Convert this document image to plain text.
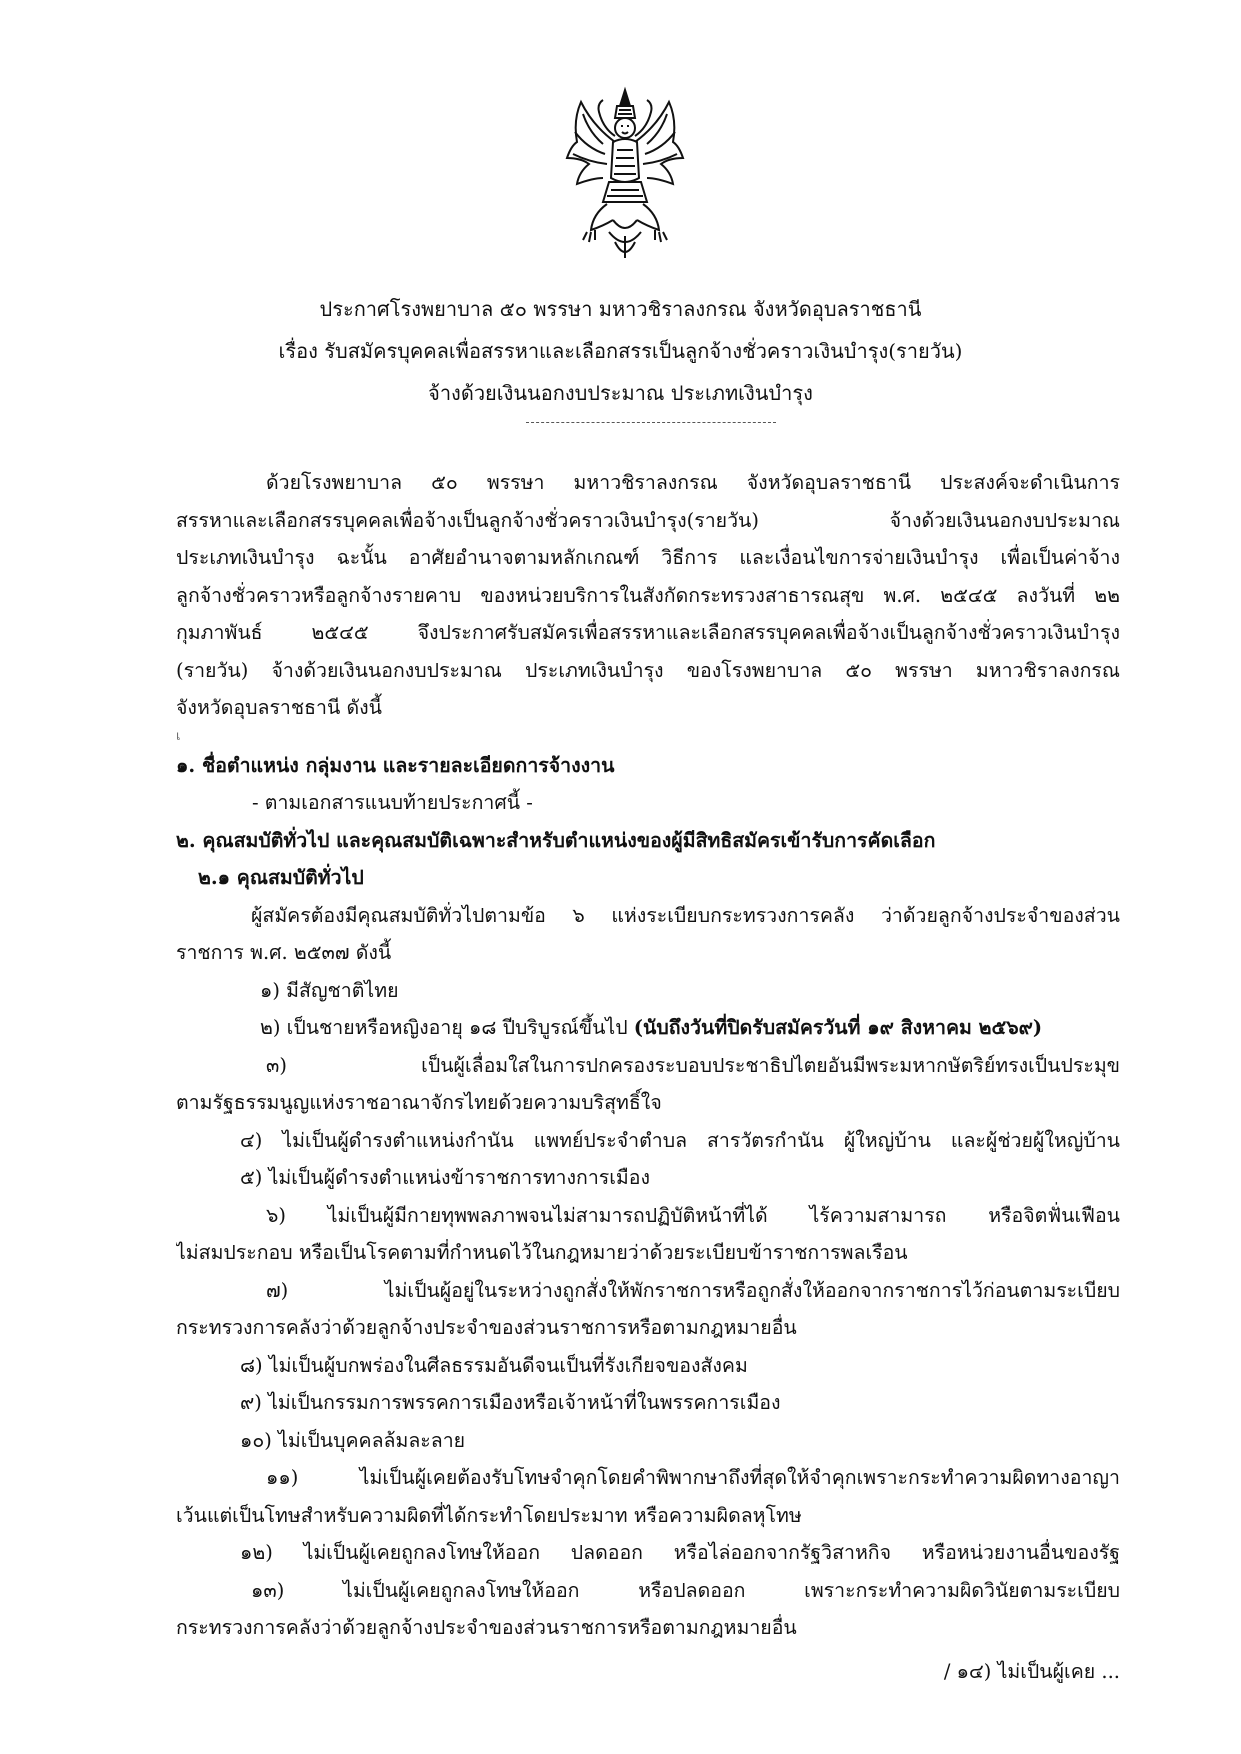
ประกาศโรงพยาบาล ๕๐ พรรษา มหาวชิราลงกรณ จังหวัดอุบลราชธานี
เรื่อง รับสมัครบุคคลเพื่อสรรหาและเลือกสรรเป็นลูกจ้างชั่วคราวเงินบำรุง(รายวัน)
จ้างด้วยเงินนอกงบประมาณ ประเภทเงินบำรุง

ด้วยโรงพยาบาล ๕๐ พรรษา มหาวชิราลงกรณ จังหวัดอุบลราชธานี ประสงค์จะดำเนินการ

สรรหาและเลือกสรรบุคคลเพื่อจ้างเป็นลูกจ้างชั่วคราวเงินบำรุง(รายวัน) จ้างด้วยเงินนอกงบประมาณ

ประเภทเงินบำรุง ฉะนั้น อาศัยอำนาจตามหลักเกณฑ์ วิธีการ และเงื่อนไขการจ่ายเงินบำรุง เพื่อเป็นค่าจ้าง

ลูกจ้างชั่วคราวหรือลูกจ้างรายคาบ ของหน่วยบริการในสังกัดกระทรวงสาธารณสุข พ.ศ. ๒๕๔๕ ลงวันที่ ๒๒

กุมภาพันธ์ ๒๕๔๕ จึงประกาศรับสมัครเพื่อสรรหาและเลือกสรรบุคคลเพื่อจ้างเป็นลูกจ้างชั่วคราวเงินบำรุง

(รายวัน) จ้างด้วยเงินนอกงบประมาณ ประเภทเงินบำรุง ของโรงพยาบาล ๕๐ พรรษา มหาวชิราลงกรณ

จังหวัดอุบลราชธานี ดังนี้

เ

๑. ชื่อตำแหน่ง กลุ่มงาน และรายละเอียดการจ้างงาน

- ตามเอกสารแนบท้ายประกาศนี้ -

๒. คุณสมบัติทั่วไป และคุณสมบัติเฉพาะสำหรับตำแหน่งของผู้มีสิทธิสมัครเข้ารับการคัดเลือก

๒.๑ คุณสมบัติทั่วไป

ผู้สมัครต้องมีคุณสมบัติทั่วไปตามข้อ ๖ แห่งระเบียบกระทรวงการคลัง ว่าด้วยลูกจ้างประจำของส่วน

ราชการ พ.ศ. ๒๕๓๗ ดังนี้

๑) มีสัญชาติไทย

๒) เป็นชายหรือหญิงอายุ ๑๘ ปีบริบูรณ์ขึ้นไป (นับถึงวันที่ปิดรับสมัครวันที่ ๑๙ สิงหาคม ๒๕๖๙)

๓) เป็นผู้เลื่อมใสในการปกครองระบอบประชาธิปไตยอันมีพระมหากษัตริย์ทรงเป็นประมุข

ตามรัฐธรรมนูญแห่งราชอาณาจักรไทยด้วยความบริสุทธิ์ใจ

๔) ไม่เป็นผู้ดำรงตำแหน่งกำนัน แพทย์ประจำตำบล สารวัตรกำนัน ผู้ใหญ่บ้าน และผู้ช่วยผู้ใหญ่บ้าน

๕) ไม่เป็นผู้ดำรงตำแหน่งข้าราชการทางการเมือง

๖) ไม่เป็นผู้มีกายทุพพลภาพจนไม่สามารถปฏิบัติหน้าที่ได้ ไร้ความสามารถ หรือจิตฟั่นเฟือน

ไม่สมประกอบ หรือเป็นโรคตามที่กำหนดไว้ในกฎหมายว่าด้วยระเบียบข้าราชการพลเรือน

๗) ไม่เป็นผู้อยู่ในระหว่างถูกสั่งให้พักราชการหรือถูกสั่งให้ออกจากราชการไว้ก่อนตามระเบียบ

กระทรวงการคลังว่าด้วยลูกจ้างประจำของส่วนราชการหรือตามกฎหมายอื่น

๘) ไม่เป็นผู้บกพร่องในศีลธรรมอันดีจนเป็นที่รังเกียจของสังคม

๙) ไม่เป็นกรรมการพรรคการเมืองหรือเจ้าหน้าที่ในพรรคการเมือง

๑๐) ไม่เป็นบุคคลล้มละลาย

๑๑) ไม่เป็นผู้เคยต้องรับโทษจำคุกโดยคำพิพากษาถึงที่สุดให้จำคุกเพราะกระทำความผิดทางอาญา

เว้นแต่เป็นโทษสำหรับความผิดที่ได้กระทำโดยประมาท หรือความผิดลหุโทษ

๑๒) ไม่เป็นผู้เคยถูกลงโทษให้ออก ปลดออก หรือไล่ออกจากรัฐวิสาหกิจ หรือหน่วยงานอื่นของรัฐ

๑๓) ไม่เป็นผู้เคยถูกลงโทษให้ออก หรือปลดออก เพราะกระทำความผิดวินัยตามระเบียบ

กระทรวงการคลังว่าด้วยลูกจ้างประจำของส่วนราชการหรือตามกฎหมายอื่น

/ ๑๔) ไม่เป็นผู้เคย ...
